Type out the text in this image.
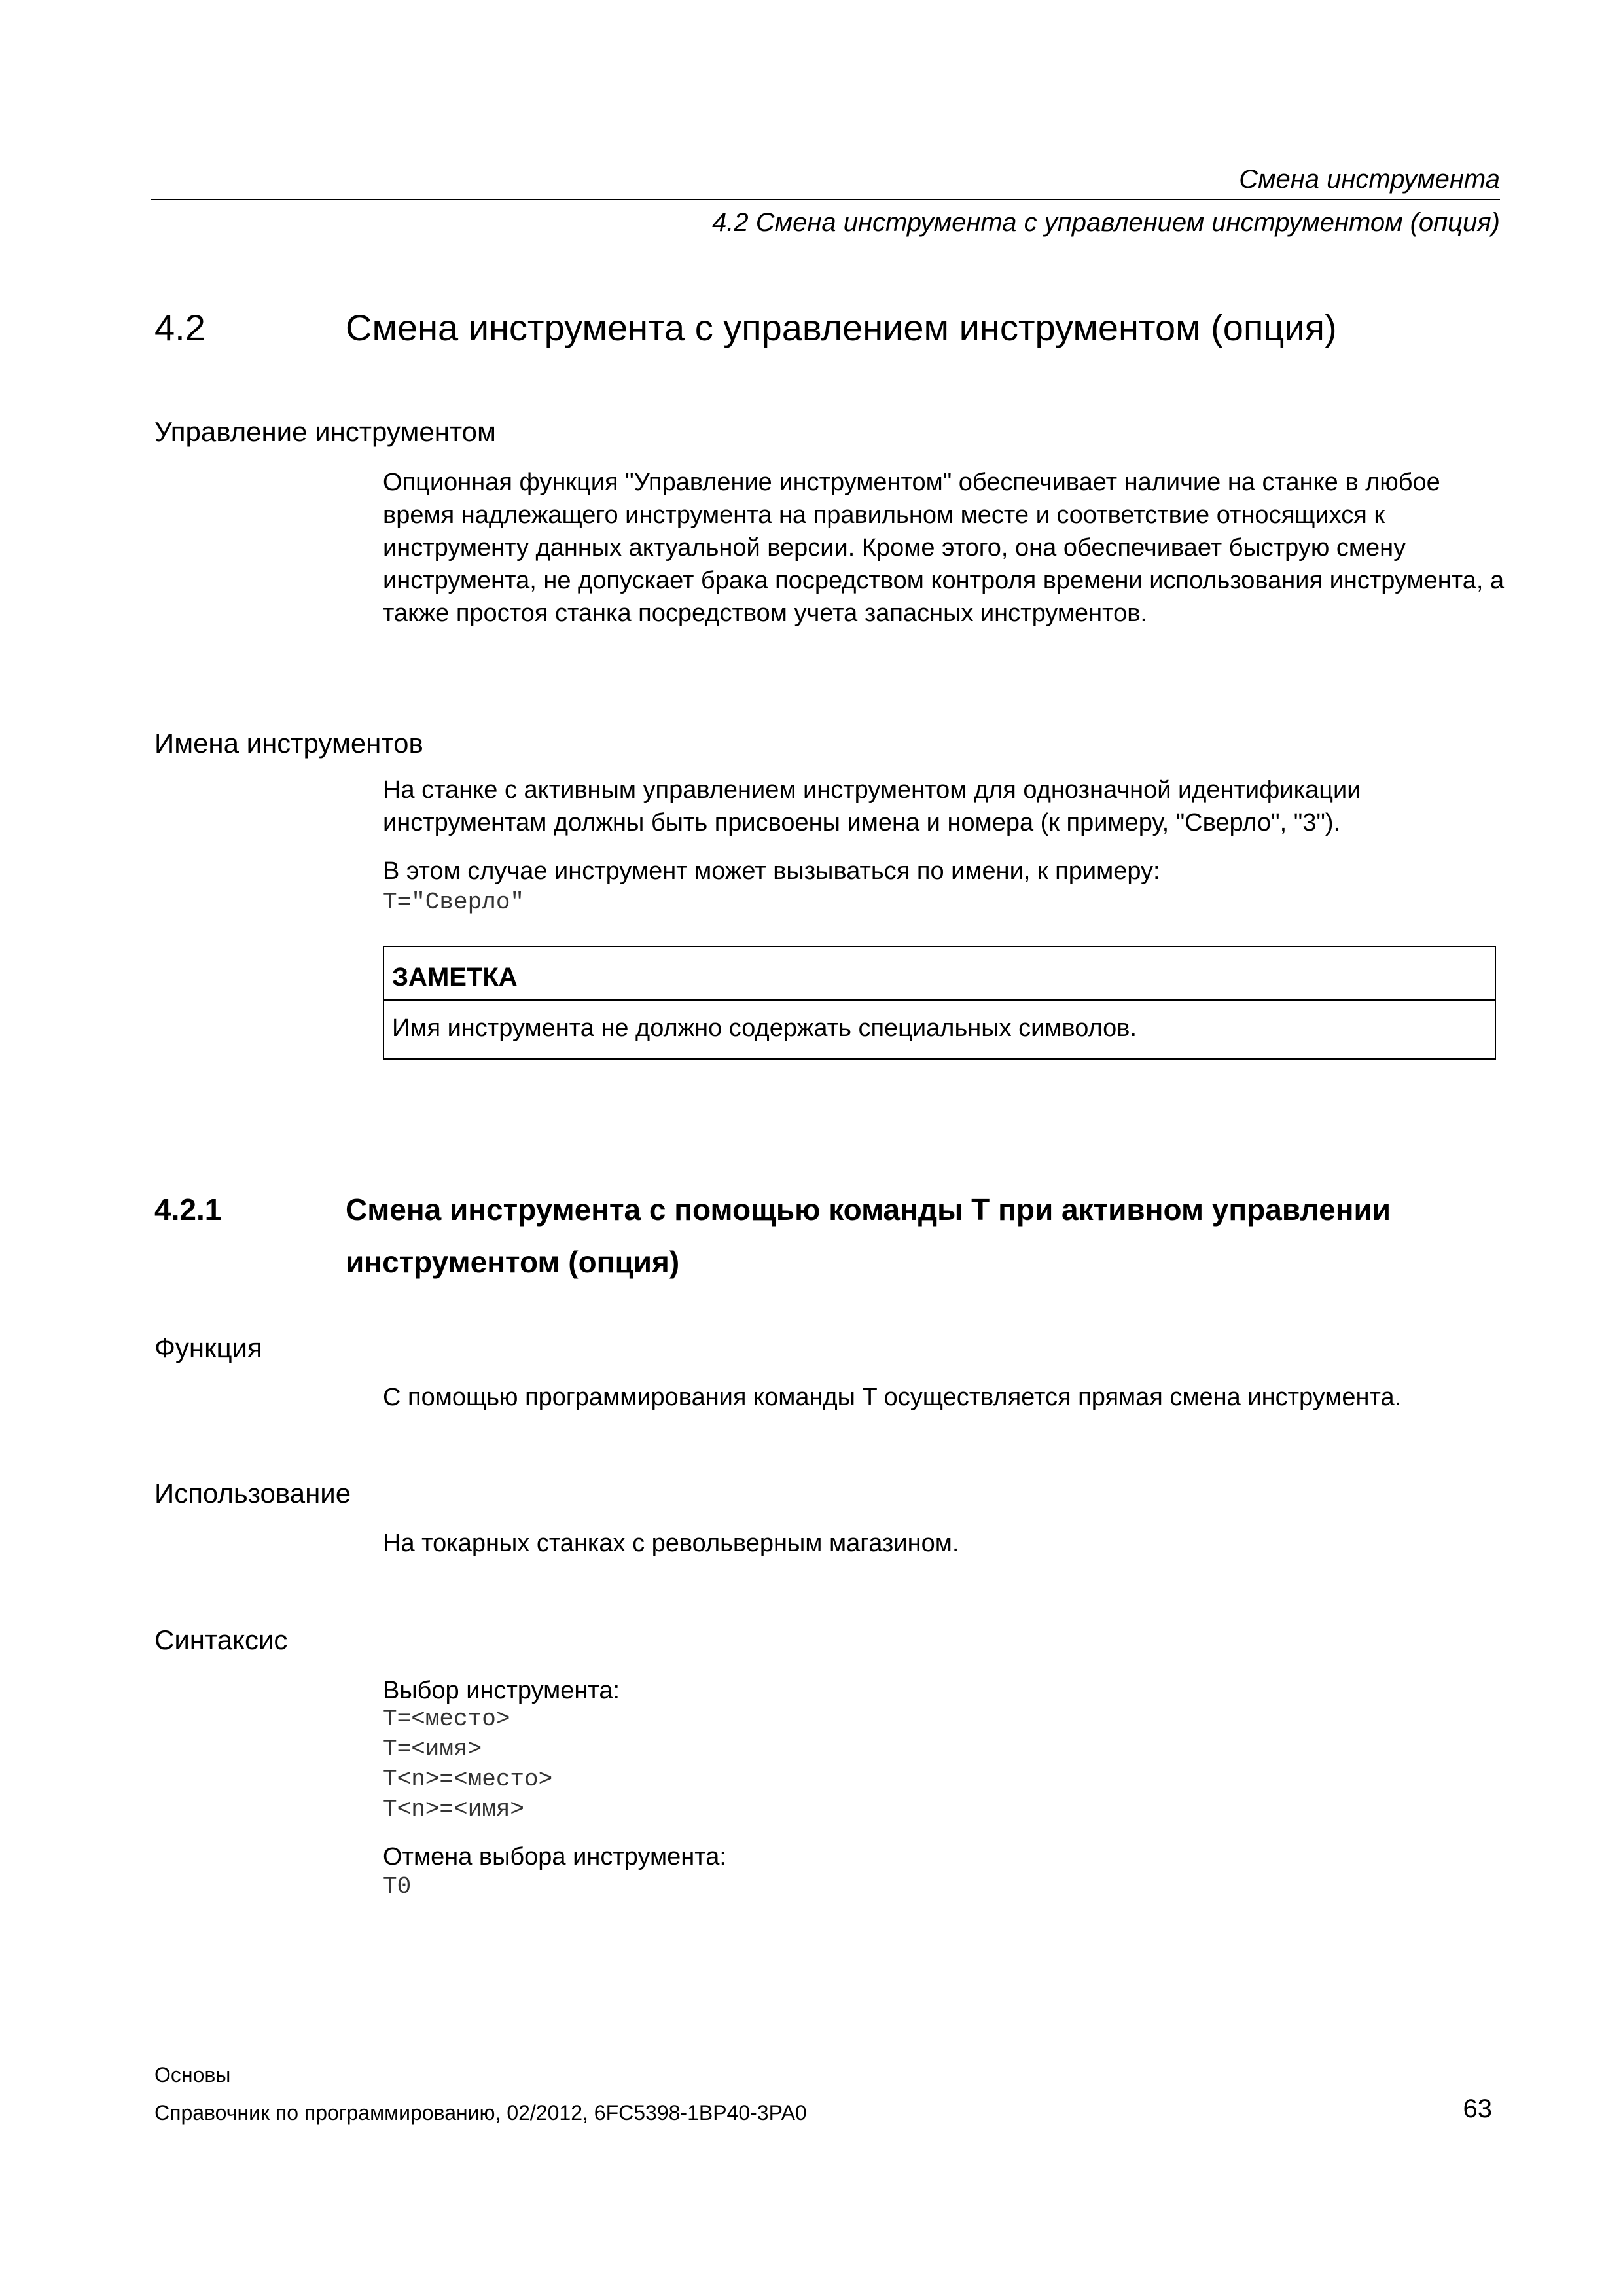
Смена инструмента
4.2 Смена инструмента с управлением инструментом (опция)
4.2	Смена инструмента с управлением инструментом (опция)
Управление инструментом
Опционная функция "Управление инструментом" обеспечивает наличие на станке в любое время надлежащего инструмента на правильном месте и соответствие относящихся к инструменту данных актуальной версии. Кроме этого, она обеспечивает быструю смену инструмента, не допускает брака посредством контроля времени использования инструмента, а также простоя станка посредством учета запасных инструментов.
Имена инструментов
На станке с активным управлением инструментом для однозначной идентификации инструментам должны быть присвоены имена и номера (к примеру, "Сверло", "3").
В этом случае инструмент может вызываться по имени, к примеру:
T="Сверло"
ЗАМЕТКА
Имя инструмента не должно содержать специальных символов.
4.2.1	Смена инструмента с помощью команды T при активном управлении
инструментом (опция)
Функция
С помощью программирования команды T осуществляется прямая смена инструмента.
Использование
На токарных станках с револьверным магазином.
Синтаксис
Выбор инструмента:
T=<место>
T=<имя>
T<n>=<место>
T<n>=<имя>
Отмена выбора инструмента:
T0
Основы
Справочник по программированию, 02/2012, 6FC5398-1BP40-3PA0	63
